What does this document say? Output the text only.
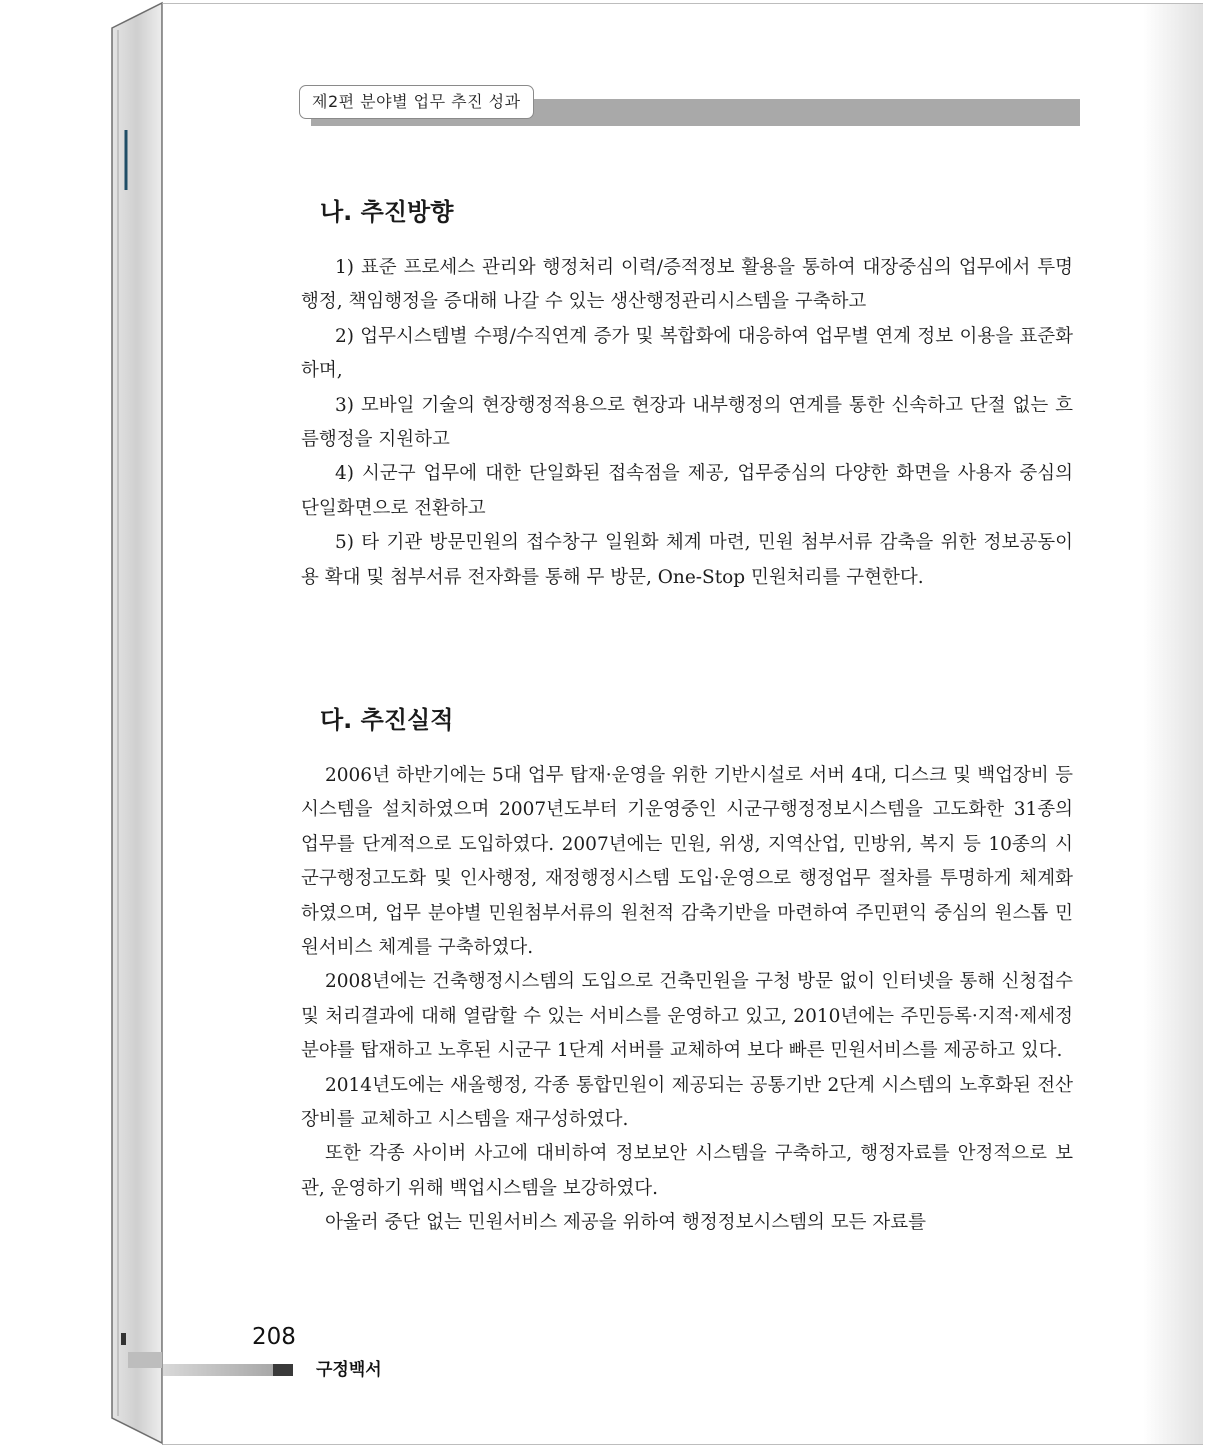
제2편 분야별 업무 추진 성과
나. 추진방향

1) 표준 프로세스 관리와 행정처리 이력/증적정보 활용을 통하여 대장중심의 업무에서 투명행정, 책임행정을 증대해 나갈 수 있는 생산행정관리시스템을 구축하고

2) 업무시스템별 수평/수직연계 증가 및 복합화에 대응하여 업무별 연계 정보 이용을 표준화하며,

3) 모바일 기술의 현장행정적용으로 현장과 내부행정의 연계를 통한 신속하고 단절 없는 흐름행정을 지원하고

4) 시군구 업무에 대한 단일화된 접속점을 제공, 업무중심의 다양한 화면을 사용자 중심의 단일화면으로 전환하고

5) 타 기관 방문민원의 접수창구 일원화 체계 마련, 민원 첨부서류 감축을 위한 정보공동이용 확대 및 첨부서류 전자화를 통해 무 방문, One-Stop 민원처리를 구현한다.

다. 추진실적

2006년 하반기에는 5대 업무 탑재·운영을 위한 기반시설로 서버 4대, 디스크 및 백업장비 등 시스템을 설치하였으며 2007년도부터 기운영중인 시군구행정정보시스템을 고도화한 31종의 업무를 단계적으로 도입하였다. 2007년에는 민원, 위생, 지역산업, 민방위, 복지 등 10종의 시군구행정고도화 및 인사행정, 재정행정시스템 도입·운영으로 행정업무 절차를 투명하게 체계화하였으며, 업무 분야별 민원첨부서류의 원천적 감축기반을 마련하여 주민편익 중심의 원스톱 민원서비스 체계를 구축하였다.

2008년에는 건축행정시스템의 도입으로 건축민원을 구청 방문 없이 인터넷을 통해 신청접수 및 처리결과에 대해 열람할 수 있는 서비스를 운영하고 있고, 2010년에는 주민등록·지적·제세정 분야를 탑재하고 노후된 시군구 1단계 서버를 교체하여 보다 빠른 민원서비스를 제공하고 있다.

2014년도에는 새올행정, 각종 통합민원이 제공되는 공통기반 2단계 시스템의 노후화된 전산장비를 교체하고 시스템을 재구성하였다.

또한 각종 사이버 사고에 대비하여 정보보안 시스템을 구축하고, 행정자료를 안정적으로 보관, 운영하기 위해 백업시스템을 보강하였다.

아울러 중단 없는 민원서비스 제공을 위하여 행정정보시스템의 모든 자료를

208
구정백서
